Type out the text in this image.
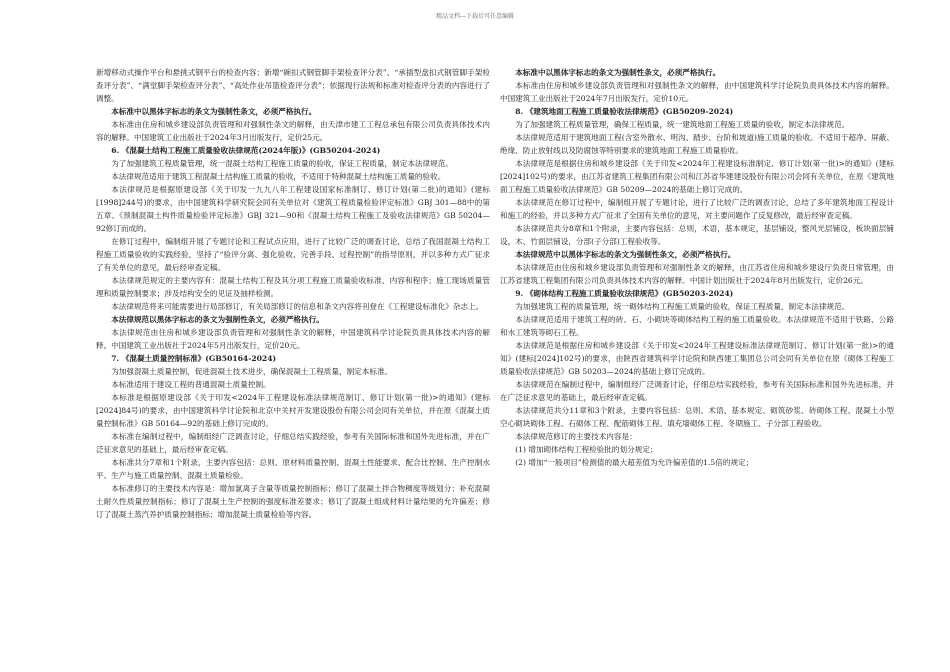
精品文档---下载后可任意编辑

新增移动式操作平台和悬挑式钢平台的检查内容；新增“碗扣式钢管脚手架检查评分表”、“承插型盘扣式钢管脚手架检查评分表”、“满堂脚手架检查评分表”、“高处作业吊篮检查评分表”；依据现行法规和标准对检查评分表的内容进行了调整。

本标准中以黑体字标志的条文为强制性条文，必须严格执行。

本标准由住房和城乡建设部负责管理和对强制性条文的解释，由天津市建工工程总承包有限公司负责具体技术内容的解释。中国建筑工业出版社于2024年3月出版发行，定价25元。

6. 《混凝土结构工程施工质量验收法律规范(2024年版)》(GB50204-2024)

为了加强建筑工程质量管理，统一混凝土结构工程施工质量的验收，保证工程质量，制定本法律规范。

本法律规范适用于建筑工程混凝土结构施工质量的验收，不适用于特种混凝土结构施工质量的验收。

本法律规范是根据原建设部《关于印发一九九八年工程建设国家标准制订、修订计划(第二批)的通知》(建标[1998]244号)的要求，由中国建筑科学研究院会同有关单位对《建筑工程质量检验评定标准》GBJ 301—88中的第五章、《预制混凝土构件质量检验评定标准》GBJ 321—90和《混凝土结构工程施工及验收法律规范》GB 50204—92修订而成的。

在修订过程中，编制组开展了专题讨论和工程试点应用，进行了比较广泛的调查讨论，总结了我国混凝土结构工程施工质量验收的实践经验，坚持了“验评分离、强化验收、完善手段、过程控制”的指导原则，并以多种方式广征求了有关单位的意见，最后经审查定稿。

本法律规范规定的主要内容有：混凝土结构工程及其分项工程施工质量验收标准、内容和程序；施工现场质量管理和质量控制要求；涉及结构安全的见证及抽样检测。

本法律规范将来可能需要进行局部修订，有关局部修订的信息和条文内容将刊登在《工程建设标准化》杂志上。

本法律规范以黑体字标志的条文为强制性条文，必须严格执行。

本法律规范由住房和城乡建设部负责管理和对强制性条文的解释，中国建筑科学讨论院负责具体技术内容的解释。中国建筑工业出版社于2024年5月出版发行，定价20元。

7. 《混凝土质量控制标准》(GB50164-2024)

为加强混凝土质量控制，促进混凝土技术进步，确保混凝土工程质量，制定本标准。

本标准适用于建设工程的普通混凝土质量控制。

本标准是根据原建设部《关于印发<2024年工程建设标准法律规范制订、修订计划(第一批)>的通知》(建标[2024]84号)的要求，由中国建筑科学讨论院和北京中关村开发建设股份有限公司会同有关单位，并在原《混凝土质量控制标准》GB 50164—92的基础上修订完成的。

本标准在编制过程中，编制组经广泛调查讨论，仔细总结实践经验，参考有关国际标准和国外先进标准，并在广泛征求意见的基础上，最后经审查定稿。

本标准共分7章和1个附录，主要内容包括：总则、原材料质量控制、混凝土性能要求、配合比控制、生产控制水平、生产与施工质量控制、混凝土质量检验。

本标准修订的主要技术内容是：增加氯离子含量等质量控制指标；修订了混凝土拌合物稠度等级划分；补充混凝土耐久性质量控制指标；修订了混凝土生产控制的强度标准差要求；修订了混凝土组成材料计量结果的允许偏差；修订了混凝土蒸汽养护质量控制指标；增加混凝土质量检验等内容。

本标准中以黑体字标志的条文为强制性条文，必须严格执行。

本标准由住房和城乡建设部负责管理和对强制性条文的解释，由中国建筑科学讨论院负责具体技术内容的解释。中国建筑工业出版社于2024年7月出版发行，定价10元。

8. 《建筑地面工程施工质量验收法律规范》(GB50209-2024)

为了加强建筑工程质量管理，确保工程质量，统一建筑地面工程施工质量的验收，制定本法律规范。

本法律规范适用于建筑地面工程(含室外散水、明沟、踏步、台阶和坡道)施工质量的验收。不适用于超净、屏蔽、绝缘、防止放射线以及防腐蚀等特别要求的建筑地面工程施工质量验收。

本法律规范是根据住房和城乡建设部《关于印发<2024年工程建设标准制定、修订计划(第一批)>的通知》(建标[2024]102号)的要求，由江苏省建筑工程集团有限公司和江苏省华建建设股份有限公司会同有关单位，在原《建筑地面工程施工质量验收法律规范》GB 50209—2024的基础上修订完成的。

本法律规范在修订过程中，编制组开展了专题讨论，进行了比较广泛的调查讨论，总结了多年建筑地面工程设计和施工的经验，并以多种方式广征求了全国有关单位的意见，对主要问题作了反复修改，最后经审查定稿。

本法律规范共分8章和1个附录，主要内容包括：总则，术语，基本规定，基层铺设，整风光层铺设，板块面层铺设，木、竹面层铺设，分部(子分部)工程验收等。

本法律规范中以黑体字标志的条文为强制性条文，必须严格执行。

本法律规范由住房和城乡建设部负责管理和对强制性条文的解释，由江苏省住房和城乡建设厅负责日常管理，由江苏省建筑工程集团有限公司负责具体技术内容的解释。中国计划出版社于2024年8月出版发行，定价26元。

9. 《砌体结构工程施工质量验收法律规范》(GB50203-2024)

为加强建筑工程的质量管理，统一砌体结构工程施工质量的验收，保证工程质量，制定本法律规范。

本法律规范适用于建筑工程的砖、石、小砌块等砌体结构工程的施工质量验收。本法律规范不适用于铁路、公路和水工建筑等砌石工程。

本法律规范是根据住房和城乡建设部《关于印发<2024年工程建设标准法律规范制订、修订计划(第一批)>的通知》(建标[2024]102号)的要求，由陕西省建筑科学讨论院和陕西建工集团总公司会同有关单位在原《砌体工程施工质量验收法律规范》GB 50203—2024的基础上修订完成的。

本法律规范在编制过程中，编制组经广泛调查讨论，仔细总结实践经验，参考有关国际标准和国外先进标准，并在广泛征求意见的基础上，最后经审查定稿。

本法律规范共分11章和3个附录，主要内容包括：总则、术语、基本规定、砌筑砂浆、砖砌体工程、混凝土小型空心砌块砌体工程、石砌体工程、配筋砌体工程、填充墙砌体工程、冬期施工、子分部工程验收。

本法律规范修订的主要技术内容是：

(1) 增加砌体结构工程检验批的划分规定；

(2) 增加“一般项目”检测值的最大超差值为允许偏差值的1.5倍的规定；
